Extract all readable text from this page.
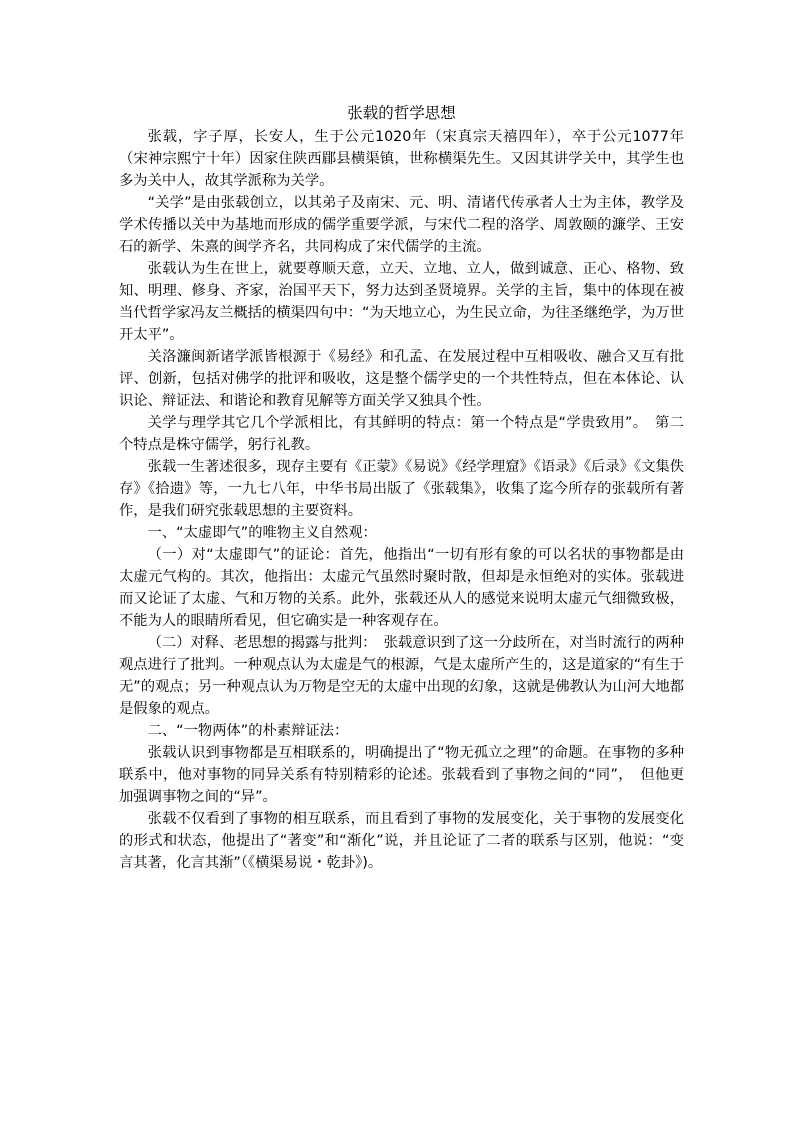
张载的哲学思想

张载，字子厚，长安人，生于公元1020年（宋真宗天禧四年），卒于公元1077年（宋神宗熙宁十年）因家住陕西郿县横渠镇，世称横渠先生。又因其讲学关中，其学生也多为关中人，故其学派称为关学。

“关学”是由张载创立，以其弟子及南宋、元、明、清诸代传承者人士为主体，教学及学术传播以关中为基地而形成的儒学重要学派，与宋代二程的洛学、周敦颐的濂学、王安石的新学、朱熹的闽学齐名，共同构成了宋代儒学的主流。

张载认为生在世上，就要尊顺天意，立天、立地、立人，做到诚意、正心、格物、致知、明理、修身、齐家，治国平天下，努力达到圣贤境界。关学的主旨，集中的体现在被当代哲学家冯友兰概括的横渠四句中：“为天地立心，为生民立命，为往圣继绝学，为万世开太平”。

关洛濂闽新诸学派皆根源于《易经》和孔孟、在发展过程中互相吸收、融合又互有批评、创新，包括对佛学的批评和吸收，这是整个儒学史的一个共性特点，但在本体论、认识论、辩证法、和谐论和教育见解等方面关学又独具个性。

关学与理学其它几个学派相比，有其鲜明的特点：第一个特点是“学贵致用”。　第二个特点是株守儒学，躬行礼教。

张载一生著述很多，现存主要有《正蒙》《易说》《经学理窟》《语录》《后录》《文集佚存》《拾遗》等，一九七八年，中华书局出版了《张载集》，收集了迄今所存的张载所有著作，是我们研究张载思想的主要资料。

一、“太虚即气”的唯物主义自然观：

（一）对“太虚即气”的证论：首先，他指出“一切有形有象的可以名状的事物都是由太虚元气构的。其次，他指出：太虚元气虽然时聚时散，但却是永恒绝对的实体。张载进而又论证了太虚、气和万物的关系。此外，张载还从人的感觉来说明太虚元气细微致极，不能为人的眼睛所看见，但它确实是一种客观存在。

（二）对释、老思想的揭露与批判：　张载意识到了这一分歧所在，对当时流行的两种观点进行了批判。一种观点认为太虚是气的根源，气是太虚所产生的，这是道家的“有生于无”的观点；另一种观点认为万物是空无的太虚中出现的幻象，这就是佛教认为山河大地都是假象的观点。

二、“一物两体”的朴素辩证法：

张载认识到事物都是互相联系的，明确提出了“物无孤立之理”的命题。在事物的多种联系中，他对事物的同异关系有特别精彩的论述。张载看到了事物之间的“同”，　但他更加强调事物之间的“异”。

张载不仅看到了事物的相互联系，而且看到了事物的发展变化，关于事物的发展变化的形式和状态，他提出了“著变”和“渐化”说，并且论证了二者的联系与区别，他说：“变言其著，化言其渐”（《横渠易说・乾卦》)。
